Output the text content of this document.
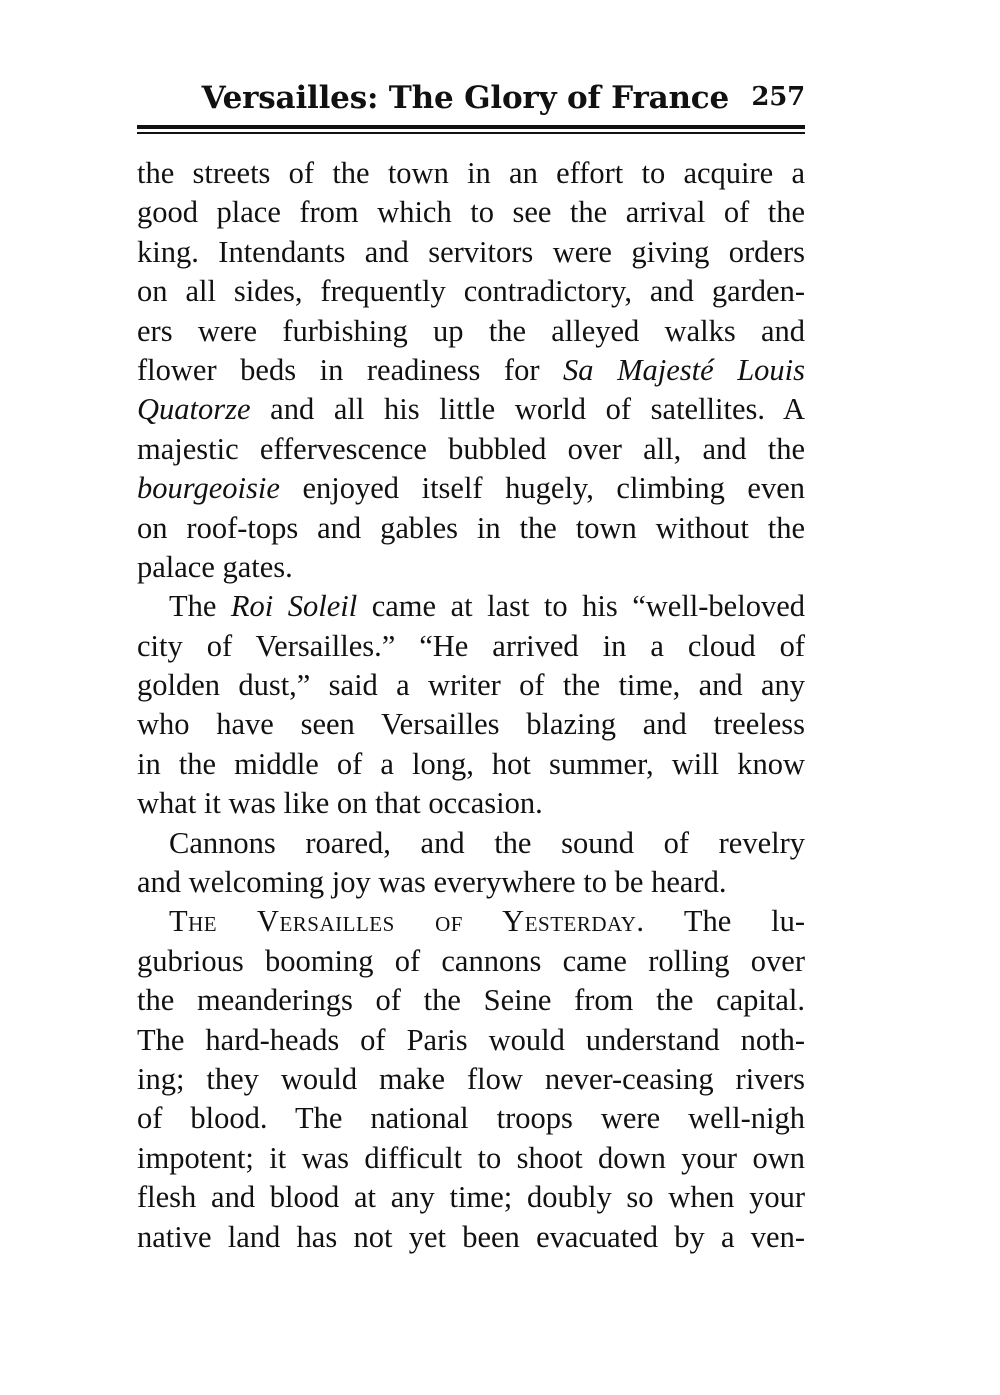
Versailles: The Glory of France 257
the streets of the town in an effort to acquire a
good place from which to see the arrival of the
king. Intendants and servitors were giving orders
on all sides, frequently contradictory, and garden-
ers were furbishing up the alleyed walks and
flower beds in readiness for Sa Majesté Louis
Quatorze and all his little world of satellites. A
majestic effervescence bubbled over all, and the
bourgeoisie enjoyed itself hugely, climbing even
on roof-tops and gables in the town without the
palace gates.
The Roi Soleil came at last to his “well-beloved
city of Versailles.” “He arrived in a cloud of
golden dust,” said a writer of the time, and any
who have seen Versailles blazing and treeless
in the middle of a long, hot summer, will know
what it was like on that occasion.
Cannons roared, and the sound of revelry
and welcoming joy was everywhere to be heard.
The Versailles of Yesterday. The lu-
gubrious booming of cannons came rolling over
the meanderings of the Seine from the capital.
The hard-heads of Paris would understand noth-
ing; they would make flow never-ceasing rivers
of blood. The national troops were well-nigh
impotent; it was difficult to shoot down your own
flesh and blood at any time; doubly so when your
native land has not yet been evacuated by a ven-
